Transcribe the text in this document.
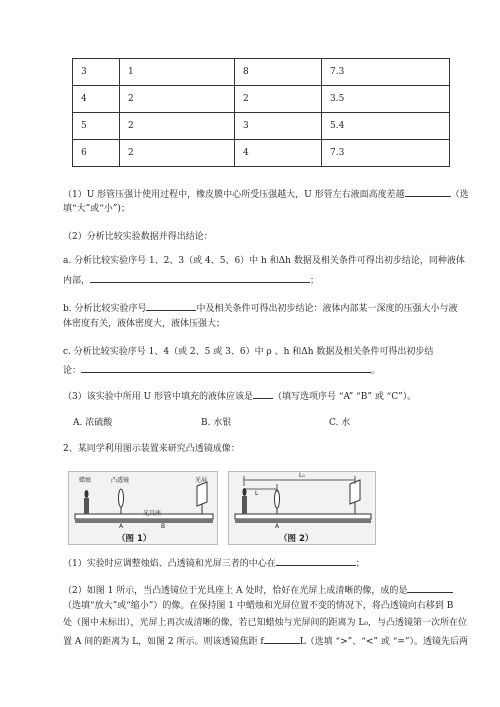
3	1	8	7.3
4	2	2	3.5
5	2	3	5.4
6	2	4	7.3
（1）U 形管压强计使用过程中，橡皮膜中心所受压强越大，U 形管左右液面高度差越	（选
填“大”或“小”)；
（2）分析比较实验数据并得出结论：
a. 分析比较实验序号 1、2、3（或 4、5、6）中 h 和Δh 数据及相关条件可得出初步结论，同种液体
内部，	；
b. 分析比较实验序号	中及相关条件可得出初步结论：液体内部某一深度的压强大小与液
体密度有关，液体密度大，液体压强大；
c. 分析比较实验序号 1、4（或 2、5 或 3、6）中 ρ 、h 和Δh 数据及相关条件可得出初步结
论：	。
（3）该实验中所用 U 形管中填充的液体应该是 （填写选项序号 “A” “B” 或 “C”）。
A. 浓硫酸	B. 水银	C. 水
2、某同学利用图示装置来研究凸透镜成像：
蜡烛	凸透镜	光屏
光具座
A	B
（图 1）
L
L₀
A
（图 2）
（1）实验时应调整烛焰、凸透镜和光屏三者的中心在	；
（2）如图 1 所示，当凸透镜位于光具座上 A 处时，恰好在光屏上成清晰的像，成的是
（选填“放大”或“缩小”）的像。在保持图 1 中蜡烛和光屏位置不变的情况下，将凸透镜向右移到 B
处（图中未标出），光屏上再次成清晰的像，若已知蜡烛与光屏间的距离为 L₀，与凸透镜第一次所在位
置 A 间的距离为 L，如图 2 所示。则该透镜焦距 f	L（选填 “>”、“<” 或 “=”）。透镜先后两
